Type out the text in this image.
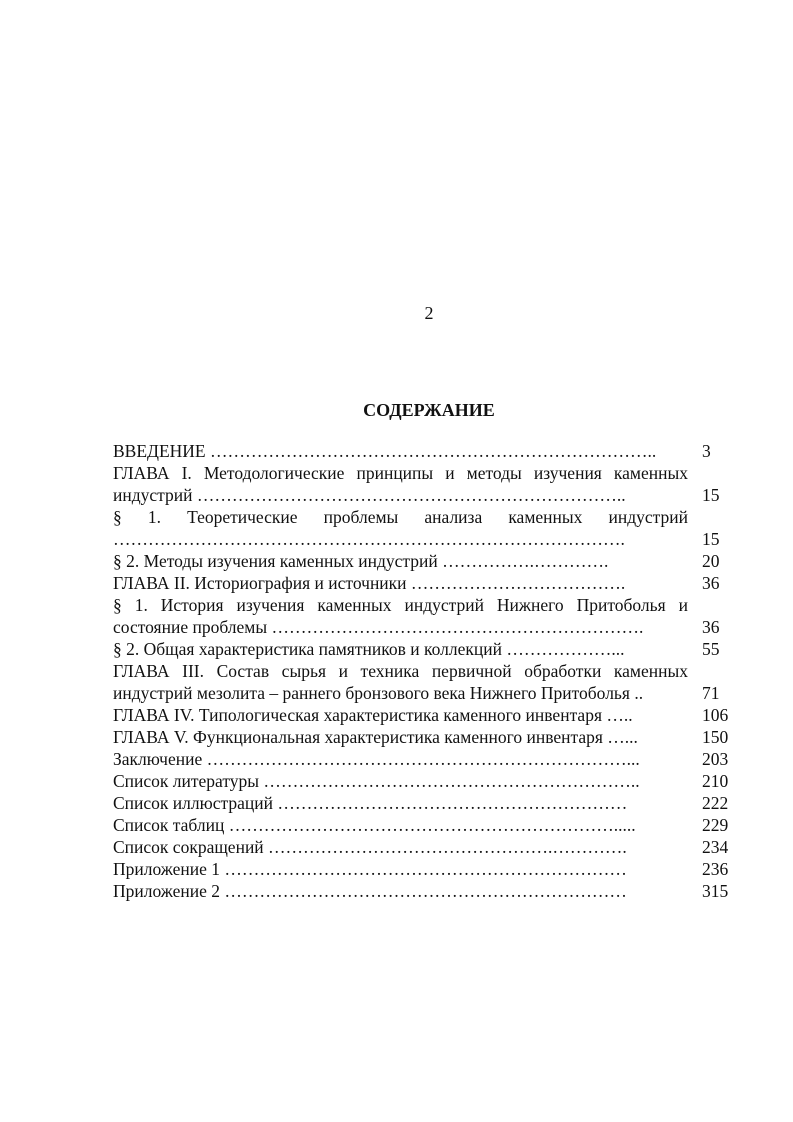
2
СОДЕРЖАНИЕ
ВВЕДЕНИЕ …………………………………………………………………..	3
ГЛАВА I. Методологические принципы и методы изучения каменных
индустрий ………………………………………………………………..	15
§ 1. Теоретические проблемы анализа каменных индустрий
…………………………………………………………………………….	15
§ 2. Методы изучения каменных индустрий …………….………….	20
ГЛАВА II. Историография и источники ……………………………….	36
§ 1. История изучения каменных индустрий Нижнего Притоболья и
состояние проблемы ……………………………………………………….	36
§ 2. Общая характеристика памятников и коллекций ………………...	55
ГЛАВА III. Состав сырья и техника первичной обработки каменных
индустрий мезолита – раннего бронзового века Нижнего Притоболья ..	71
ГЛАВА IV. Типологическая характеристика каменного инвентаря …..	106
ГЛАВА V. Функциональная характеристика каменного инвентаря …...	150
Заключение ………………………………………………………………...	203
Список литературы ………………………………………………………..	210
Список иллюстраций ……………………………………………………	222
Список таблиц ………………………………………………………….....	229
Список сокращений ………………………………………….………….	234
Приложение 1 ……………………………………………………………	236
Приложение 2 ……………………………………………………………	315
